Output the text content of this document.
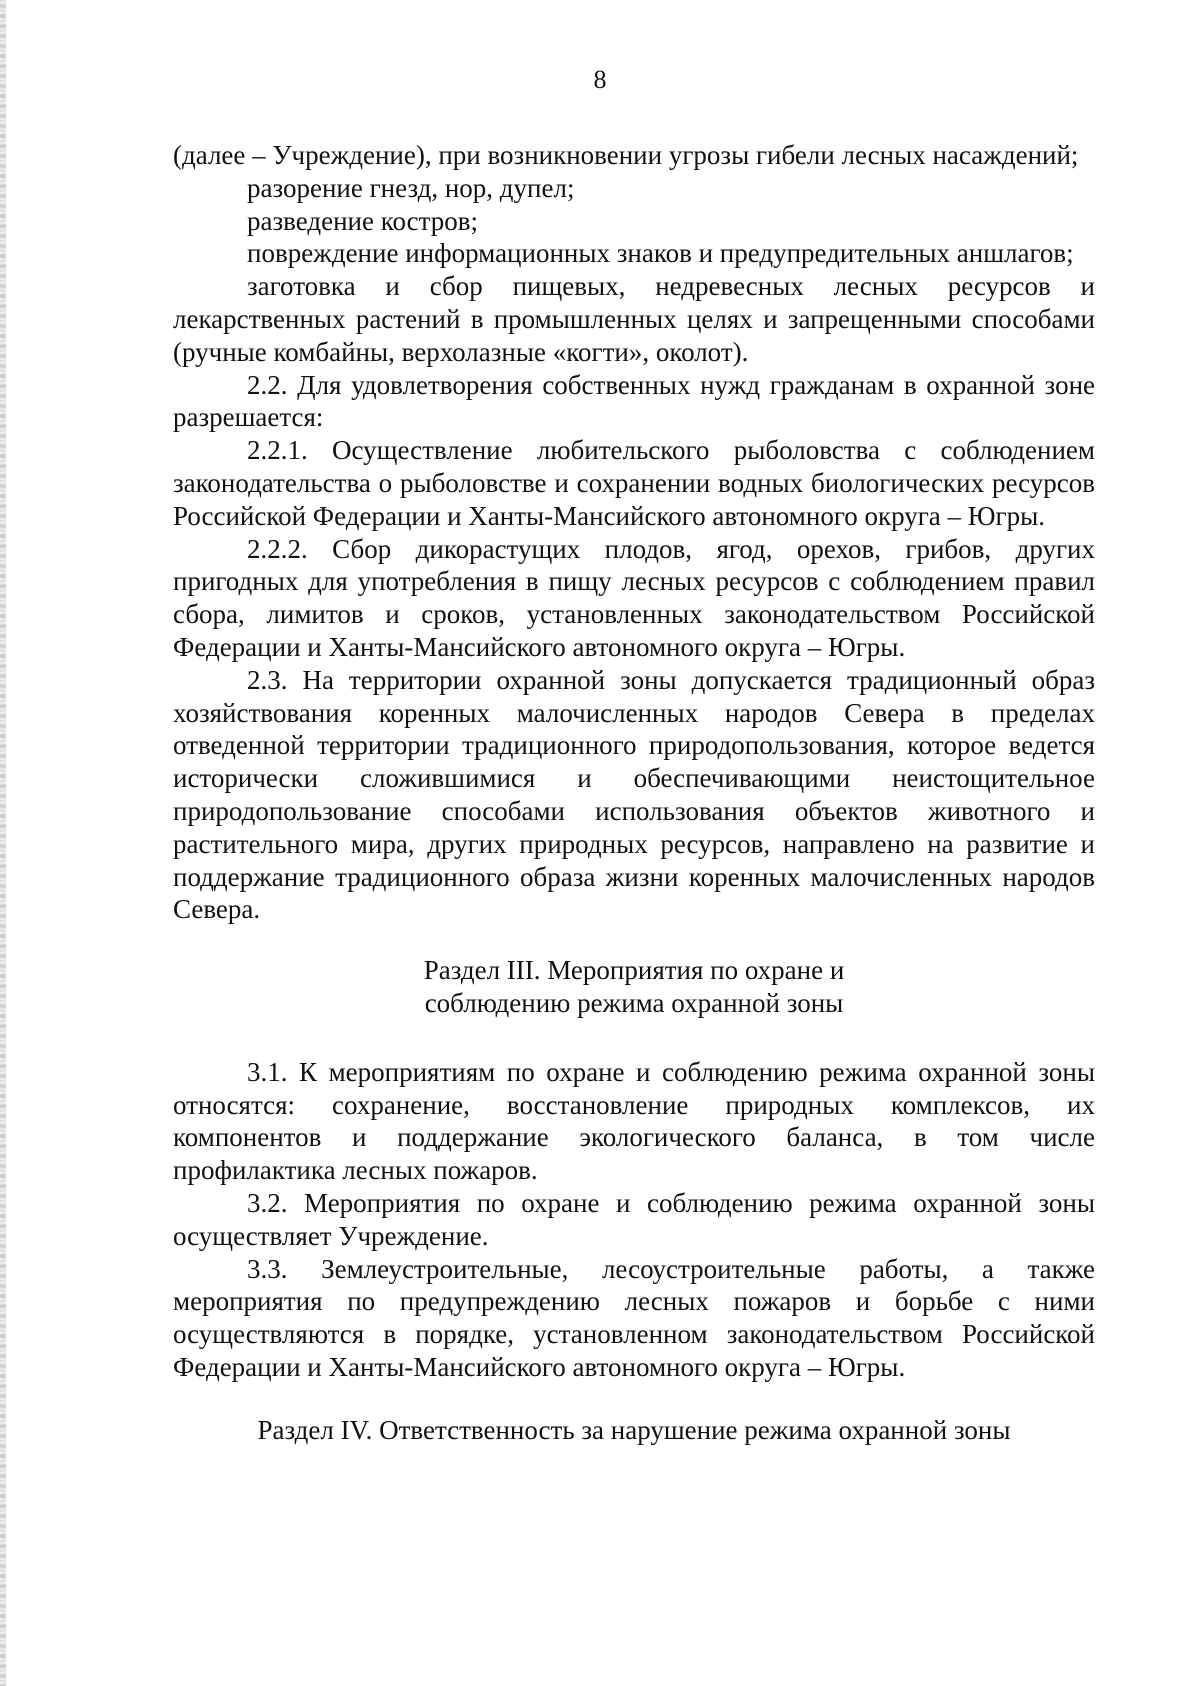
8

(далее – Учреждение), при возникновении угрозы гибели лесных насаждений;

разорение гнезд, нор, дупел;

разведение костров;

повреждение информационных знаков и предупредительных аншлагов;

заготовка и сбор пищевых, недревесных лесных ресурсов и лекарственных растений в промышленных целях и запрещенными способами (ручные комбайны, верхолазные «когти», околот).

2.2. Для удовлетворения собственных нужд гражданам в охранной зоне разрешается:

2.2.1. Осуществление любительского рыболовства с соблюдением законодательства о рыболовстве и сохранении водных биологических ресурсов Российской Федерации и Ханты-Мансийского автономного округа – Югры.

2.2.2. Сбор дикорастущих плодов, ягод, орехов, грибов, других пригодных для употребления в пищу лесных ресурсов с соблюдением правил сбора, лимитов и сроков, установленных законодательством Российской Федерации и Ханты-Мансийского автономного округа – Югры.

2.3. На территории охранной зоны допускается традиционный образ хозяйствования коренных малочисленных народов Севера в пределах отведенной территории традиционного природопользования, которое ведется исторически сложившимися и обеспечивающими неистощительное природопользование способами использования объектов животного и растительного мира, других природных ресурсов, направлено на развитие и поддержание традиционного образа жизни коренных малочисленных народов Севера.

Раздел III. Мероприятия по охране и

соблюдению режима охранной зоны

3.1. К мероприятиям по охране и соблюдению режима охранной зоны относятся: сохранение, восстановление природных комплексов, их компонентов и поддержание экологического баланса, в том числе профилактика лесных пожаров.

3.2. Мероприятия по охране и соблюдению режима охранной зоны осуществляет Учреждение.

3.3. Землеустроительные, лесоустроительные работы, а также мероприятия по предупреждению лесных пожаров и борьбе с ними осуществляются в порядке, установленном законодательством Российской Федерации и Ханты-Мансийского автономного округа – Югры.

Раздел IV. Ответственность за нарушение режима охранной зоны
